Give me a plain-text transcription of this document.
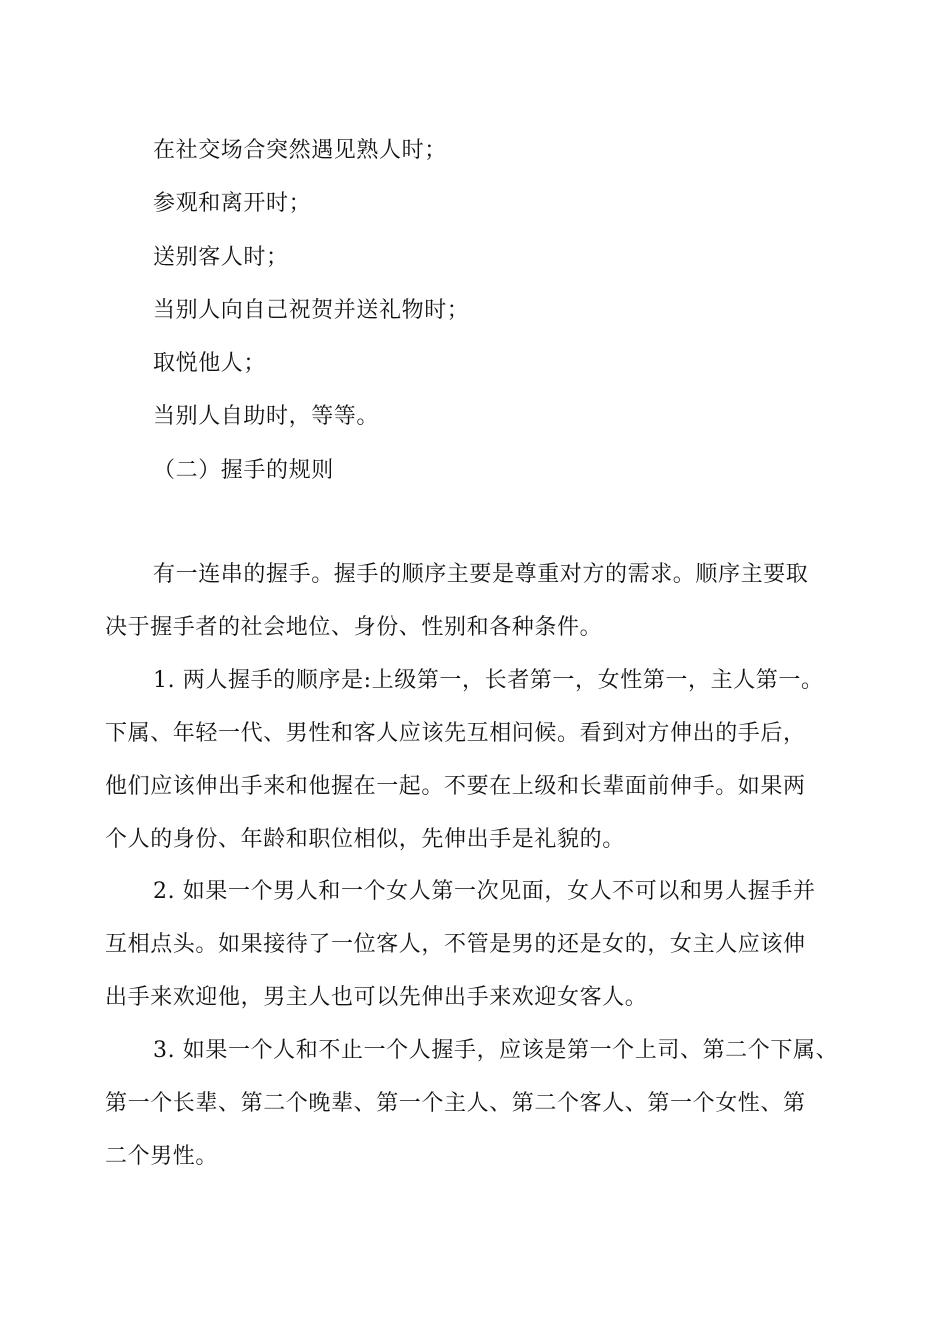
在社交场合突然遇见熟人时；
参观和离开时；
送别客人时；
当别人向自己祝贺并送礼物时；
取悦他人；
当别人自助时，等等。
（二）握手的规则
有一连串的握手。握手的顺序主要是尊重对方的需求。顺序主要取
决于握手者的社会地位、身份、性别和各种条件。
1. 两人握手的顺序是:上级第一，长者第一，女性第一，主人第一。
下属、年轻一代、男性和客人应该先互相问候。看到对方伸出的手后，
他们应该伸出手来和他握在一起。不要在上级和长辈面前伸手。如果两
个人的身份、年龄和职位相似，先伸出手是礼貌的。
2. 如果一个男人和一个女人第一次见面，女人不可以和男人握手并
互相点头。如果接待了一位客人，不管是男的还是女的，女主人应该伸
出手来欢迎他，男主人也可以先伸出手来欢迎女客人。
3. 如果一个人和不止一个人握手，应该是第一个上司、第二个下属、
第一个长辈、第二个晚辈、第一个主人、第二个客人、第一个女性、第
二个男性。
